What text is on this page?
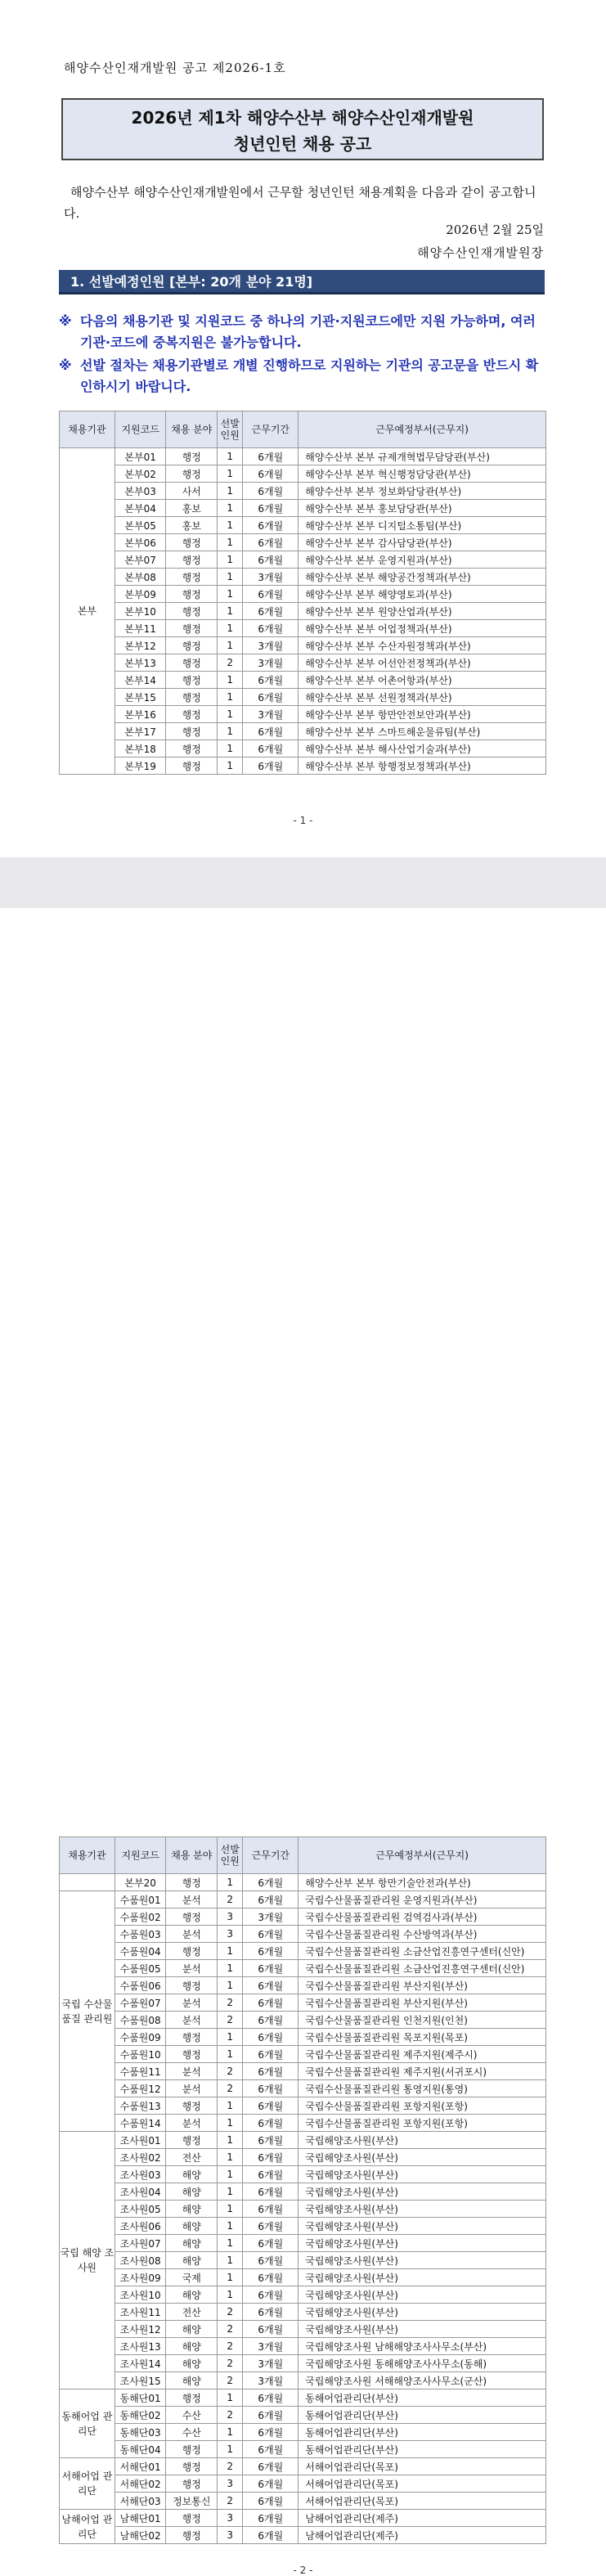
해양수산인재개발원 공고 제2026-1호
2026년 제1차 해양수산부 해양수산인재개발원
청년인턴 채용 공고
해양수산부 해양수산인재개발원에서 근무할 청년인턴 채용계획을 다음과 같이 공고합니다.
2026년 2월 25일
해양수산인재개발원장
1. 선발예정인원 [본부: 20개 분야 21명]
※ 다음의 채용기관 및 지원코드 중 하나의 기관·지원코드에만 지원 가능하며, 여러 기관·코드에 중복지원은 불가능합니다.
※ 선발 절차는 채용기관별로 개별 진행하므로 지원하는 기관의 공고문을 반드시 확인하시기 바랍니다.
채용기관	지원코드	채용 분야	선발인원	근무기간	근무예정부서(근무지)
본부	본부01	행정	1	6개월	해양수산부 본부 규제개혁법무담당관(부산)
	본부02	행정	1	6개월	해양수산부 본부 혁신행정담당관(부산)
	본부03	사서	1	6개월	해양수산부 본부 정보화담당관(부산)
	본부04	홍보	1	6개월	해양수산부 본부 홍보담당관(부산)
	본부05	홍보	1	6개월	해양수산부 본부 디지털소통팀(부산)
	본부06	행정	1	6개월	해양수산부 본부 감사담당관(부산)
	본부07	행정	1	6개월	해양수산부 본부 운영지원과(부산)
	본부08	행정	1	3개월	해양수산부 본부 해양공간정책과(부산)
	본부09	행정	1	6개월	해양수산부 본부 해양영토과(부산)
	본부10	행정	1	6개월	해양수산부 본부 원양산업과(부산)
	본부11	행정	1	6개월	해양수산부 본부 어업정책과(부산)
	본부12	행정	1	3개월	해양수산부 본부 수산자원정책과(부산)
	본부13	행정	2	3개월	해양수산부 본부 어선안전정책과(부산)
	본부14	행정	1	6개월	해양수산부 본부 어촌어항과(부산)
	본부15	행정	1	6개월	해양수산부 본부 선원정책과(부산)
	본부16	행정	1	3개월	해양수산부 본부 항만안전보안과(부산)
	본부17	행정	1	6개월	해양수산부 본부 스마트해운물류팀(부산)
	본부18	행정	1	6개월	해양수산부 본부 해사산업기술과(부산)
	본부19	행정	1	6개월	해양수산부 본부 항행정보정책과(부산)
- 1 -
채용기관	지원코드	채용 분야	선발인원	근무기간	근무예정부서(근무지)
	본부20	행정	1	6개월	해양수산부 본부 항만기술안전과(부산)
국립 수산물 품질 관리원	수품원01	분석	2	6개월	국립수산물품질관리원 운영지원과(부산)
	수품원02	행정	3	3개월	국립수산물품질관리원 검역검사과(부산)
	수품원03	분석	3	6개월	국립수산물품질관리원 수산방역과(부산)
	수품원04	행정	1	6개월	국립수산물품질관리원 소금산업진흥연구센터(신안)
	수품원05	분석	1	6개월	국립수산물품질관리원 소금산업진흥연구센터(신안)
	수품원06	행정	1	6개월	국립수산물품질관리원 부산지원(부산)
	수품원07	분석	2	6개월	국립수산물품질관리원 부산지원(부산)
	수품원08	분석	2	6개월	국립수산물품질관리원 인천지원(인천)
	수품원09	행정	1	6개월	국립수산물품질관리원 목포지원(목포)
	수품원10	행정	1	6개월	국립수산물품질관리원 제주지원(제주시)
	수품원11	분석	2	6개월	국립수산물품질관리원 제주지원(서귀포시)
	수품원12	분석	2	6개월	국립수산물품질관리원 통영지원(통영)
	수품원13	행정	1	6개월	국립수산물품질관리원 포항지원(포항)
	수품원14	분석	1	6개월	국립수산물품질관리원 포항지원(포항)
국립 해양 조사원	조사원01	행정	1	6개월	국립해양조사원(부산)
	조사원02	전산	1	6개월	국립해양조사원(부산)
	조사원03	해양	1	6개월	국립해양조사원(부산)
	조사원04	해양	1	6개월	국립해양조사원(부산)
	조사원05	해양	1	6개월	국립해양조사원(부산)
	조사원06	해양	1	6개월	국립해양조사원(부산)
	조사원07	해양	1	6개월	국립해양조사원(부산)
	조사원08	해양	1	6개월	국립해양조사원(부산)
	조사원09	국제	1	6개월	국립해양조사원(부산)
	조사원10	해양	1	6개월	국립해양조사원(부산)
	조사원11	전산	2	6개월	국립해양조사원(부산)
	조사원12	해양	2	6개월	국립해양조사원(부산)
	조사원13	해양	2	3개월	국립해양조사원 남해해양조사사무소(부산)
	조사원14	해양	2	3개월	국립해양조사원 동해해양조사사무소(동해)
	조사원15	해양	2	3개월	국립해양조사원 서해해양조사사무소(군산)
동해어업 관리단	동해단01	행정	1	6개월	동해어업관리단(부산)
	동해단02	수산	2	6개월	동해어업관리단(부산)
	동해단03	수산	1	6개월	동해어업관리단(부산)
	동해단04	행정	1	6개월	동해어업관리단(부산)
서해어업 관리단	서해단01	행정	2	6개월	서해어업관리단(목포)
	서해단02	행정	3	6개월	서해어업관리단(목포)
	서해단03	정보통신	2	6개월	서해어업관리단(목포)
남해어업 관리단	남해단01	행정	3	6개월	남해어업관리단(제주)
	남해단02	행정	3	6개월	남해어업관리단(제주)
- 2 -
